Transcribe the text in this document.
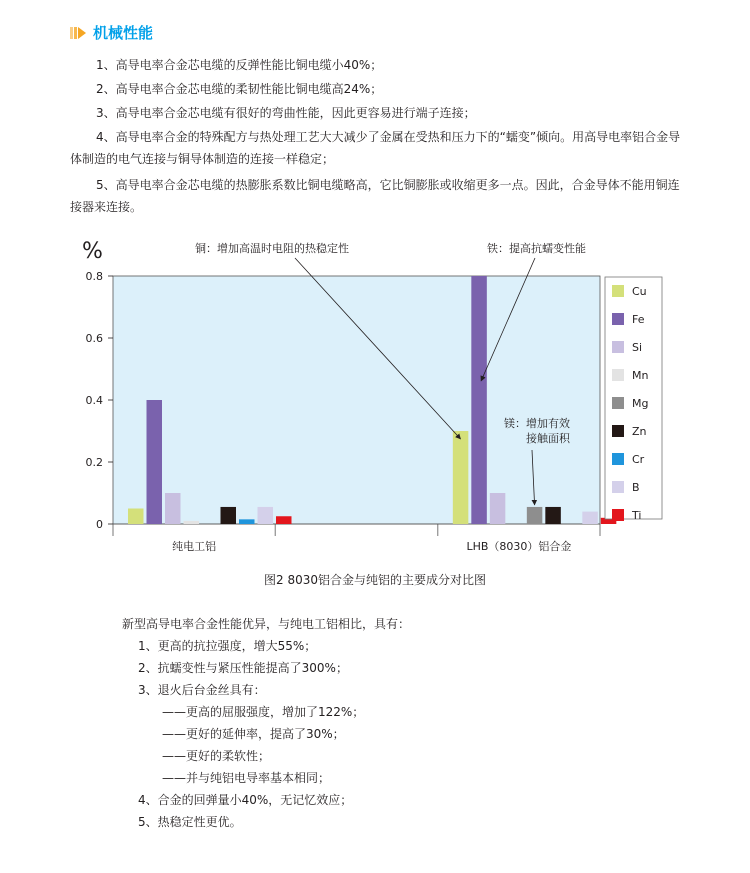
机械性能
1、高导电率合金芯电缆的反弹性能比铜电缆小40%；
2、高导电率合金芯电缆的柔韧性能比铜电缆高24%；
3、高导电率合金芯电缆有很好的弯曲性能，因此更容易进行端子连接；
4、高导电率合金的特殊配方与热处理工艺大大减少了金属在受热和压力下的“蠕变”倾向。用高导电率铝合金导体制造的电气连接与铜导体制造的连接一样稳定；
5、高导电率合金芯电缆的热膨胀系数比铜电缆略高，它比铜膨胀或收缩更多一点。因此，合金导体不能用铜连接器来连接。
0
0.2
0.4
0.6
0.8
%
纯电工铝	LHB（8030）铝合金
Cu
Fe
Si
Mn
Mg
Zn
Cr
B
Ti
铜：增加高温时电阻的热稳定性	铁：提高抗蠕变性能
镁：增加有效
接触面积
图2 8030铝合金与纯铝的主要成分对比图
新型高导电率合金性能优异，与纯电工铝相比，具有：
1、更高的抗拉强度，增大55%；
2、抗蠕变性与紧压性能提高了300%；
3、退火后台金丝具有：
——更高的屈服强度，增加了122%；
——更好的延伸率，提高了30%；
——更好的柔软性；
——并与纯铝电导率基本相同；
4、合金的回弹量小40%，无记忆效应；
5、热稳定性更优。
